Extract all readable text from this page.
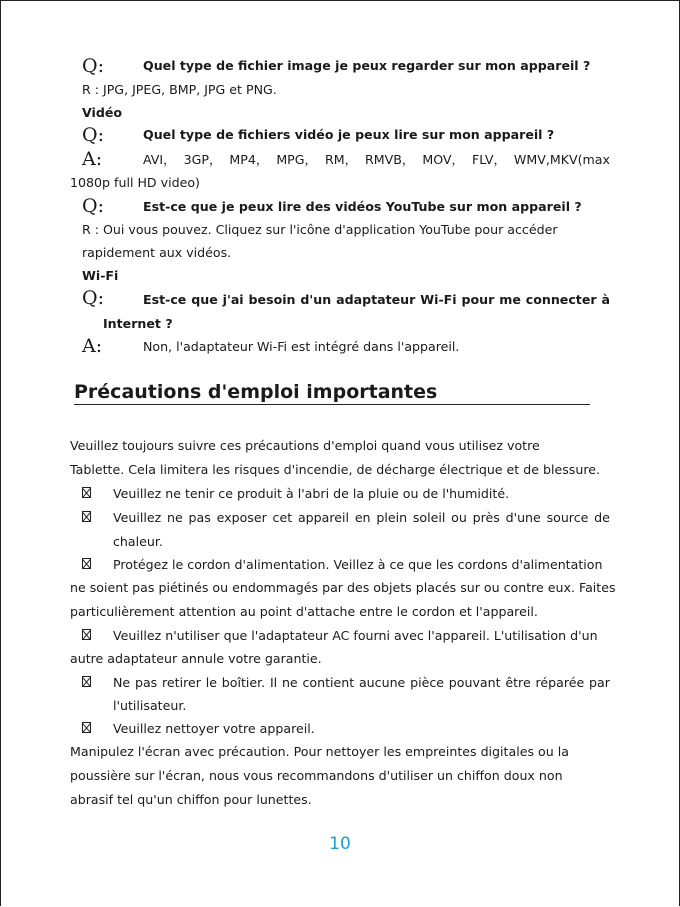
Q:	Quel type de fichier image je peux regarder sur mon appareil ?
R : JPG, JPEG, BMP, JPG et PNG.
Vidéo
Q:	Quel type de fichiers vidéo je peux lire sur mon appareil ?
A:	AVI， 3GP， MP4， MPG， RM， RMVB， MOV， FLV， WMV,MKV(max
1080p full HD video)
Q:	Est-ce que je peux lire des vidéos YouTube sur mon appareil ?
R : Oui vous pouvez. Cliquez sur l'icône d'application YouTube pour accéder
rapidement aux vidéos.
Wi-Fi
Q:	Est-ce que j'ai besoin d'un adaptateur Wi-Fi pour me connecter à
Internet ?
A:	Non, l'adaptateur Wi-Fi est intégré dans l'appareil.
Précautions d'emploi importantes
Veuillez toujours suivre ces précautions d'emploi quand vous utilisez votre
Tablette. Cela limitera les risques d'incendie, de décharge électrique et de blessure.
Veuillez ne tenir ce produit à l'abri de la pluie ou de l'humidité.
Veuillez ne pas exposer cet appareil en plein soleil ou près d'une source de
chaleur.
Protégez le cordon d'alimentation. Veillez à ce que les cordons d'alimentation
ne soient pas piétinés ou endommagés par des objets placés sur ou contre eux. Faites
particulièrement attention au point d'attache entre le cordon et l'appareil.
Veuillez n'utiliser que l'adaptateur AC fourni avec l'appareil. L'utilisation d'un
autre adaptateur annule votre garantie.
Ne pas retirer le boîtier. Il ne contient aucune pièce pouvant être réparée par
l'utilisateur.
Veuillez nettoyer votre appareil.
Manipulez l'écran avec précaution. Pour nettoyer les empreintes digitales ou la
poussière sur l'écran, nous vous recommandons d'utiliser un chiffon doux non
abrasif tel qu'un chiffon pour lunettes.
10
